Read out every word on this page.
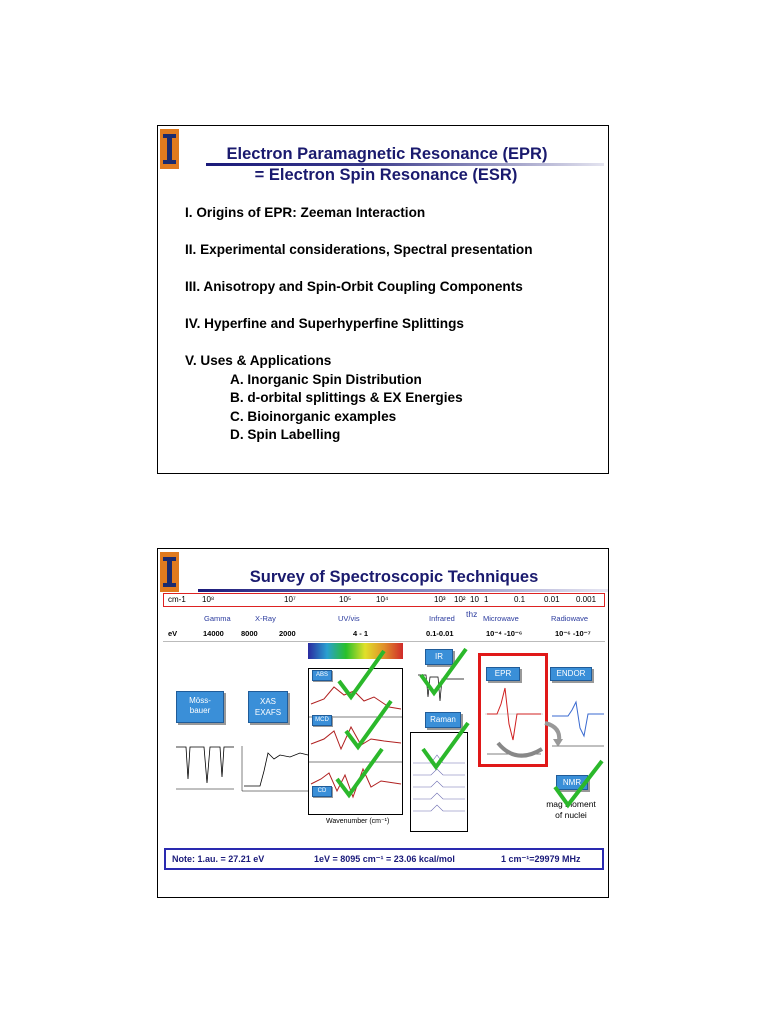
Electron Paramagnetic Resonance (EPR)
= Electron Spin Resonance (ESR)
I. Origins of EPR: Zeeman Interaction
II. Experimental considerations, Spectral presentation
III. Anisotropy and Spin-Orbit Coupling Components
IV. Hyperfine and Superhyperfine Splittings
V. Uses & Applications
A. Inorganic Spin Distribution
B. d-orbital splittings & EX Energies
C. Bioinorganic examples
D. Spin Labelling
Survey of Spectroscopic Techniques
cm-1 10⁸	10⁷	10⁵	10⁴	10³ 10² 10 1	0.1 0.01 0.001
thz
Gamma	X-Ray	UV/vis	Infrared	Microwave	Radiowave
eV	14000 8000	2000	4 - 1	0.1-0.01	10⁻⁴ -10⁻⁶	10⁻⁶ -10⁻⁷
Möss-
bauer
XAS
EXAFS
ABS
MCD
CD
Wavenumber (cm⁻¹)
IR
Raman
EPR	ENDOR
NMR
mag moment
of nuclei
Note: 1.au. = 27.21 eV	1eV = 8095 cm⁻¹ = 23.06 kcal/mol	1 cm⁻¹=29979 MHz
